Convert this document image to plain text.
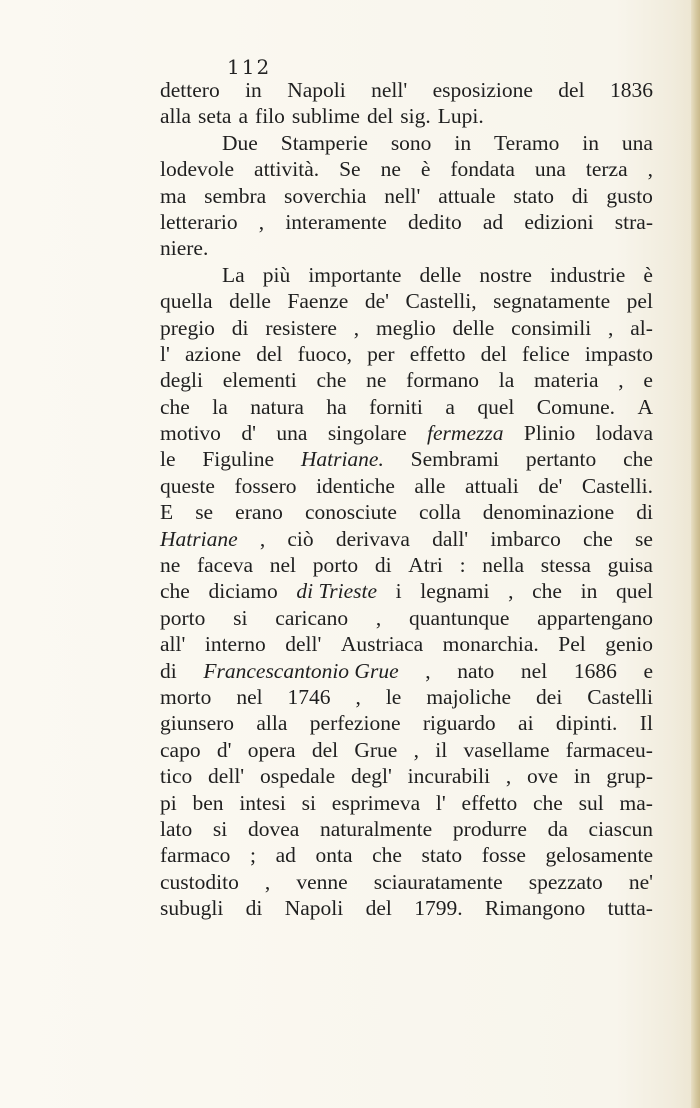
112
dettero in Napoli nell' esposizione del 1836
alla seta a filo sublime del sig. Lupi.
Due Stamperie sono in Teramo in una
lodevole attività. Se ne è fondata una terza ,
ma sembra soverchia nell' attuale stato di gusto
letterario , interamente dedito ad edizioni stra-
niere.
La più importante delle nostre industrie è
quella delle Faenze de' Castelli, segnatamente pel
pregio di resistere , meglio delle consimili , al-
l' azione del fuoco, per effetto del felice impasto
degli elementi che ne formano la materia , e
che la natura ha forniti a quel Comune. A
motivo d' una singolare fermezza Plinio lodava
le Figuline Hatriane. Sembrami pertanto che
queste fossero identiche alle attuali de' Castelli.
E se erano conosciute colla denominazione di
Hatriane , ciò derivava dall' imbarco che se
ne faceva nel porto di Atri : nella stessa guisa
che diciamo di Trieste i legnami , che in quel
porto si caricano , quantunque appartengano
all' interno dell' Austriaca monarchia. Pel genio
di Francescantonio Grue , nato nel 1686 e
morto nel 1746 , le majoliche dei Castelli
giunsero alla perfezione riguardo ai dipinti. Il
capo d' opera del Grue , il vasellame farmaceu-
tico dell' ospedale degl' incurabili , ove in grup-
pi ben intesi si esprimeva l' effetto che sul ma-
lato si dovea naturalmente produrre da ciascun
farmaco ; ad onta che stato fosse gelosamente
custodito , venne sciauratamente spezzato ne'
subugli di Napoli del 1799. Rimangono tutta-
